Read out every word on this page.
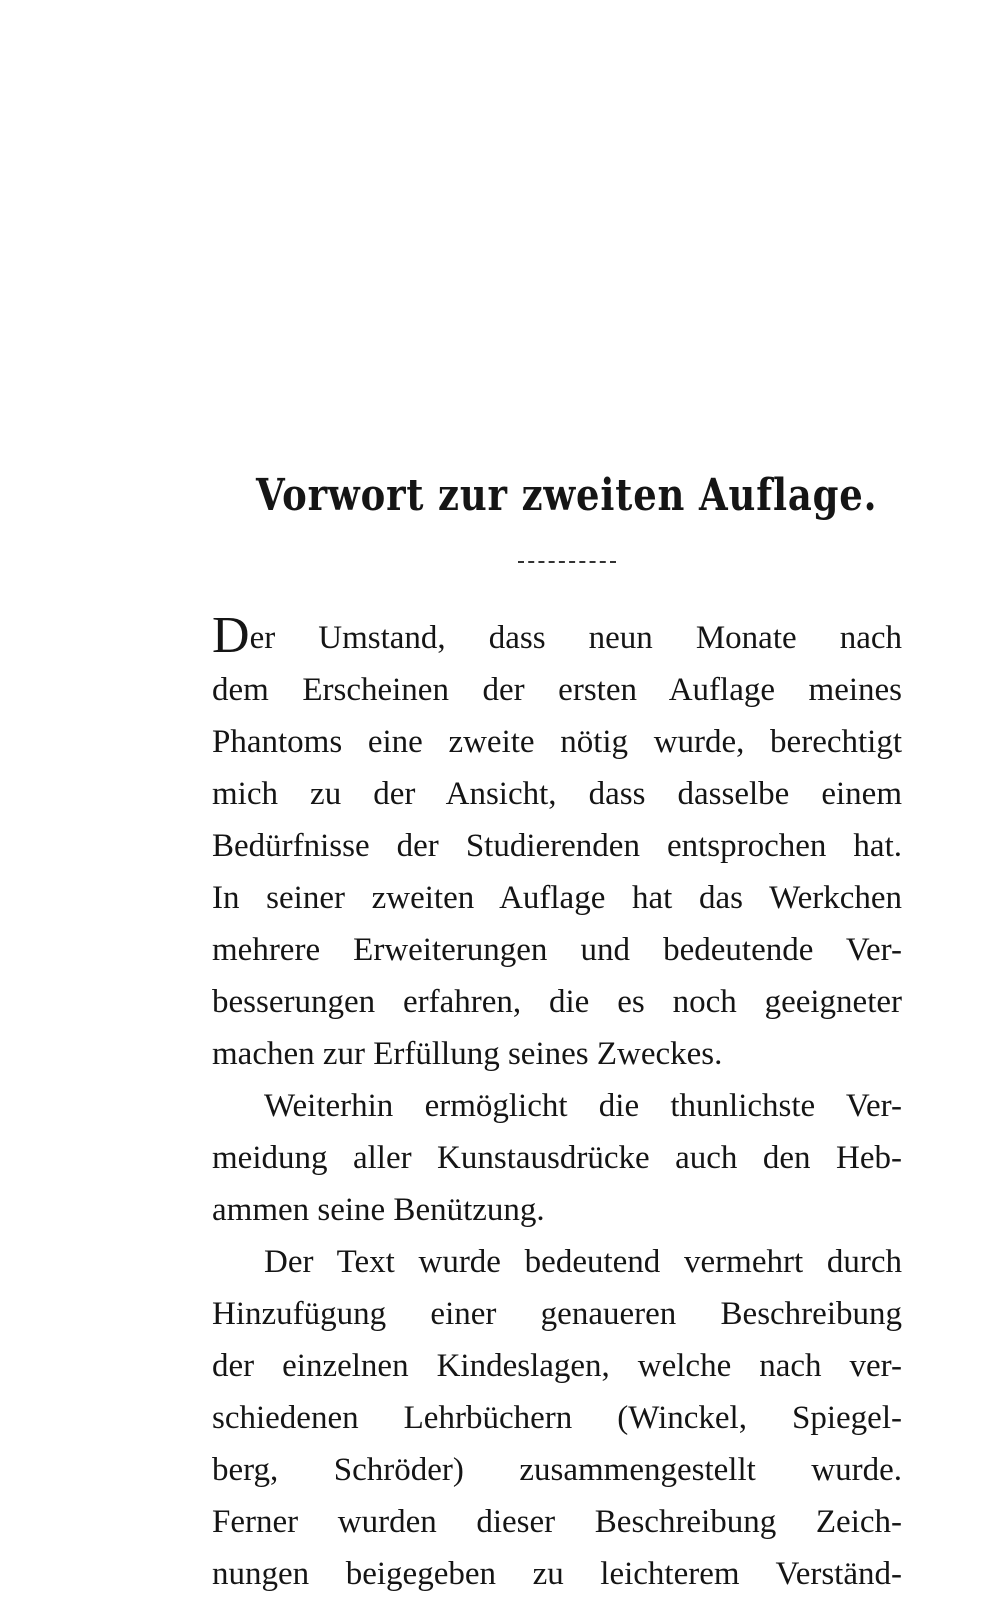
Vorwort zur zweiten Auflage.
Der Umstand, dass neun Monate nach
dem Erscheinen der ersten Auflage meines
Phantoms eine zweite nötig wurde, berechtigt
mich zu der Ansicht, dass dasselbe einem
Bedürfnisse der Studierenden entsprochen hat.
In seiner zweiten Auflage hat das Werkchen
mehrere Erweiterungen und bedeutende Ver-
besserungen erfahren, die es noch geeigneter
machen zur Erfüllung seines Zweckes.
Weiterhin ermöglicht die thunlichste Ver-
meidung aller Kunstausdrücke auch den Heb-
ammen seine Benützung.
Der Text wurde bedeutend vermehrt durch
Hinzufügung einer genaueren Beschreibung
der einzelnen Kindeslagen, welche nach ver-
schiedenen Lehrbüchern (Winckel, Spiegel-
berg, Schröder) zusammengestellt wurde.
Ferner wurden dieser Beschreibung Zeich-
nungen beigegeben zu leichterem Verständ-
